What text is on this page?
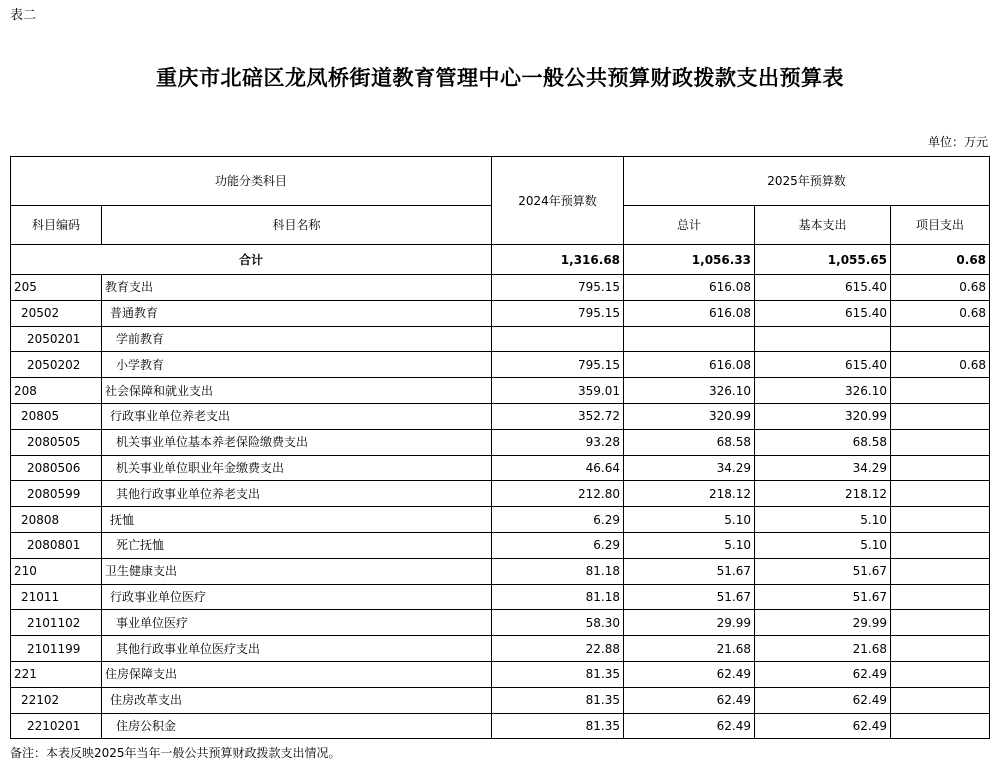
表二
重庆市北碚区龙凤桥街道教育管理中心一般公共预算财政拨款支出预算表
单位：万元
功能分类科目		2024年预算数	2025年预算数		
科目编码	科目名称		总计	基本支出	项目支出
合计		1,316.68	1,056.33	1,055.65	0.68
205	教育支出	795.15	616.08	615.40	0.68
20502	普通教育	795.15	616.08	615.40	0.68
2050201	学前教育				
2050202	小学教育	795.15	616.08	615.40	0.68
208	社会保障和就业支出	359.01	326.10	326.10	
20805	行政事业单位养老支出	352.72	320.99	320.99	
2080505	机关事业单位基本养老保险缴费支出	93.28	68.58	68.58	
2080506	机关事业单位职业年金缴费支出	46.64	34.29	34.29	
2080599	其他行政事业单位养老支出	212.80	218.12	218.12	
20808	抚恤	6.29	5.10	5.10	
2080801	死亡抚恤	6.29	5.10	5.10	
210	卫生健康支出	81.18	51.67	51.67	
21011	行政事业单位医疗	81.18	51.67	51.67	
2101102	事业单位医疗	58.30	29.99	29.99	
2101199	其他行政事业单位医疗支出	22.88	21.68	21.68	
221	住房保障支出	81.35	62.49	62.49	
22102	住房改革支出	81.35	62.49	62.49	
2210201	住房公积金	81.35	62.49	62.49	
备注：本表反映2025年当年一般公共预算财政拨款支出情况。
